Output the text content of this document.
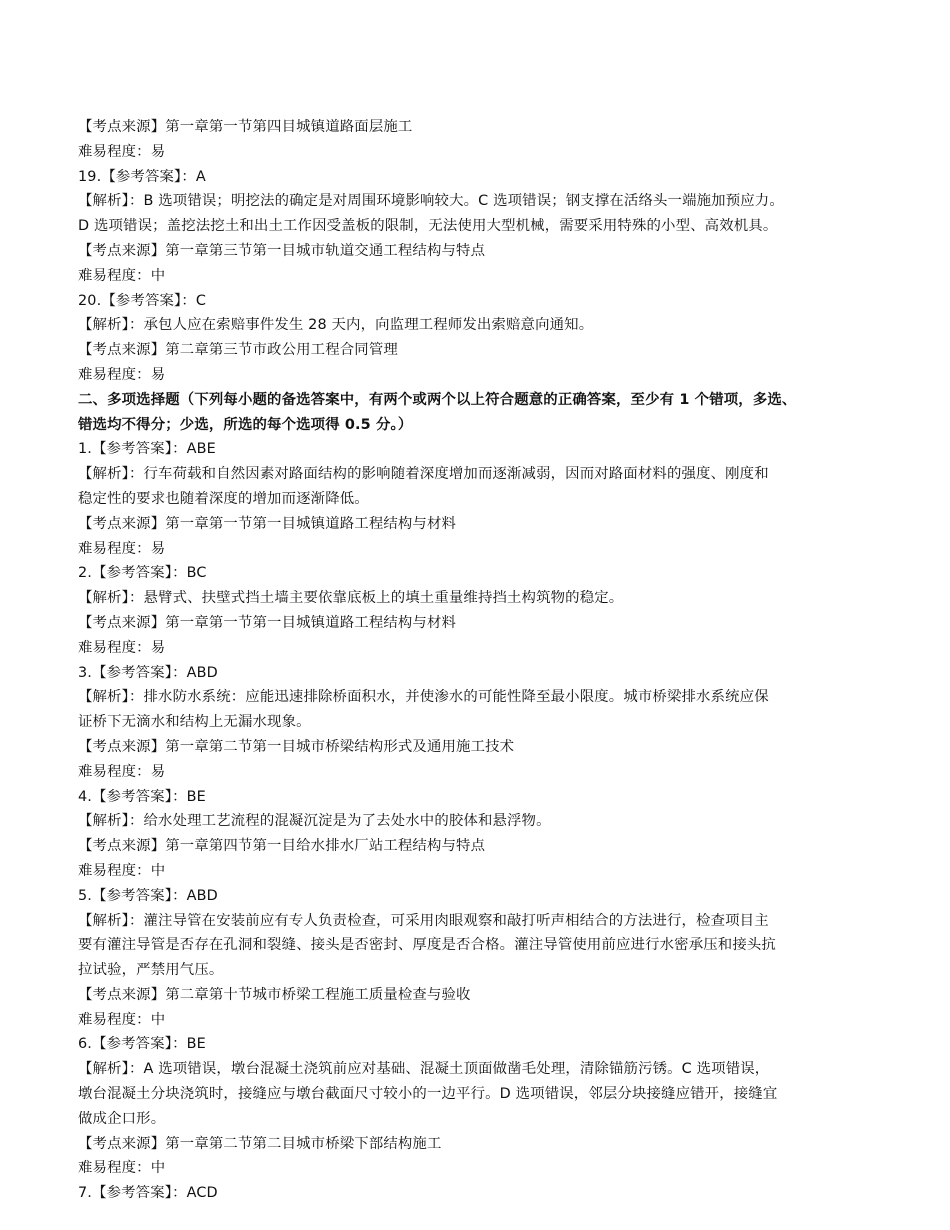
【考点来源】第一章第一节第四目城镇道路面层施工
难易程度：易
19.【参考答案】：A
【解析】：B 选项错误；明挖法的确定是对周围环境影响较大。C 选项错误；钢支撑在活络头一端施加预应力。
D 选项错误；盖挖法挖土和出土工作因受盖板的限制，无法使用大型机械，需要采用特殊的小型、高效机具。
【考点来源】第一章第三节第一目城市轨道交通工程结构与特点
难易程度：中
20.【参考答案】：C
【解析】：承包人应在索赔事件发生 28 天内，向监理工程师发出索赔意向通知。
【考点来源】第二章第三节市政公用工程合同管理
难易程度：易
二、多项选择题（下列每小题的备选答案中，有两个或两个以上符合题意的正确答案，至少有 1 个错项，多选、
错选均不得分；少选，所选的每个选项得 0.5 分。）
1.【参考答案】：ABE
【解析】：行车荷载和自然因素对路面结构的影响随着深度增加而逐渐减弱，因而对路面材料的强度、刚度和
稳定性的要求也随着深度的增加而逐渐降低。
【考点来源】第一章第一节第一目城镇道路工程结构与材料
难易程度：易
2.【参考答案】：BC
【解析】：悬臂式、扶壁式挡土墙主要依靠底板上的填土重量维持挡土构筑物的稳定。
【考点来源】第一章第一节第一目城镇道路工程结构与材料
难易程度：易
3.【参考答案】：ABD
【解析】：排水防水系统：应能迅速排除桥面积水，并使渗水的可能性降至最小限度。城市桥梁排水系统应保
证桥下无滴水和结构上无漏水现象。
【考点来源】第一章第二节第一目城市桥梁结构形式及通用施工技术
难易程度：易
4.【参考答案】：BE
【解析】：给水处理工艺流程的混凝沉淀是为了去处水中的胶体和悬浮物。
【考点来源】第一章第四节第一目给水排水厂站工程结构与特点
难易程度：中
5.【参考答案】：ABD
【解析】：灌注导管在安装前应有专人负责检查，可采用肉眼观察和敲打听声相结合的方法进行，检查项目主
要有灌注导管是否存在孔洞和裂缝、接头是否密封、厚度是否合格。灌注导管使用前应进行水密承压和接头抗
拉试验，严禁用气压。
【考点来源】第二章第十节城市桥梁工程施工质量检查与验收
难易程度：中
6.【参考答案】：BE
【解析】：A 选项错误，墩台混凝土浇筑前应对基础、混凝土顶面做凿毛处理，清除锚筋污锈。C 选项错误，
墩台混凝土分块浇筑时，接缝应与墩台截面尺寸较小的一边平行。D 选项错误，邻层分块接缝应错开，接缝宜
做成企口形。
【考点来源】第一章第二节第二目城市桥梁下部结构施工
难易程度：中
7.【参考答案】：ACD
